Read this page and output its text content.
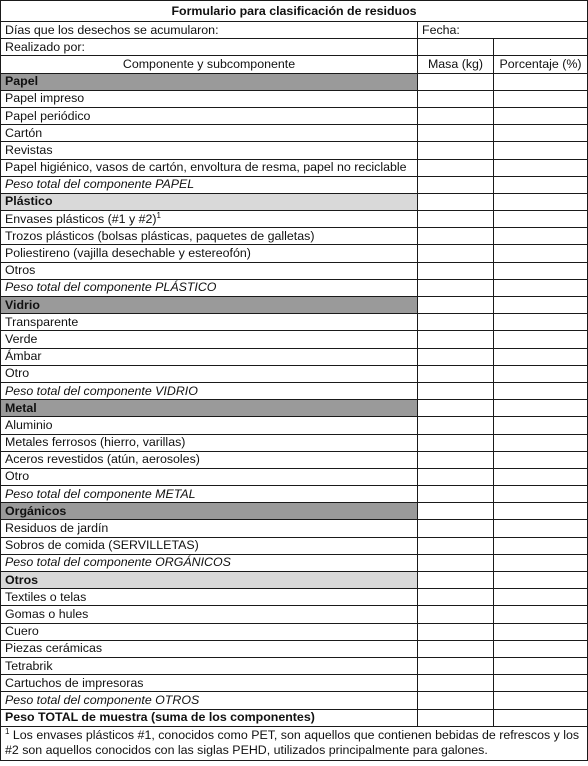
Formulario para clasificación de residuos		
Días que los desechos se acumularon:	Fecha:	
Realizado por:		
Componente y subcomponente	Masa (kg)	Porcentaje (%)
Papel		
Papel impreso		
Papel periódico		
Cartón		
Revistas		
Papel higiénico, vasos de cartón, envoltura de resma, papel no reciclable		
Peso total del componente PAPEL		
Plástico		
Envases plásticos (#1 y #2)$^1$		
Trozos plásticos (bolsas plásticas, paquetes de galletas)		
Poliestireno (vajilla desechable y estereofón)		
Otros		
Peso total del componente PLÁSTICO		
Vidrio		
Transparente		
Verde		
Ámbar		
Otro		
Peso total del componente VIDRIO		
Metal		
Aluminio		
Metales ferrosos (hierro, varillas)		
Aceros revestidos (atún, aerosoles)		
Otro		
Peso total del componente METAL		
Orgánicos		
Residuos de jardín		
Sobros de comida (SERVILLETAS)		
Peso total del componente ORGÁNICOS		
Otros		
Textiles o telas		
Gomas o hules		
Cuero		
Piezas cerámicas		
Tetrabrik		
Cartuchos de impresoras		
Peso total del componente OTROS		
Peso TOTAL de muestra (suma de los componentes)		
$^1$ Los envases plásticos #1, conocidos como PET, son aquellos que contienen bebidas de refrescos y los #2 son aquellos conocidos con las siglas PEHD, utilizados principalmente para galones.		
